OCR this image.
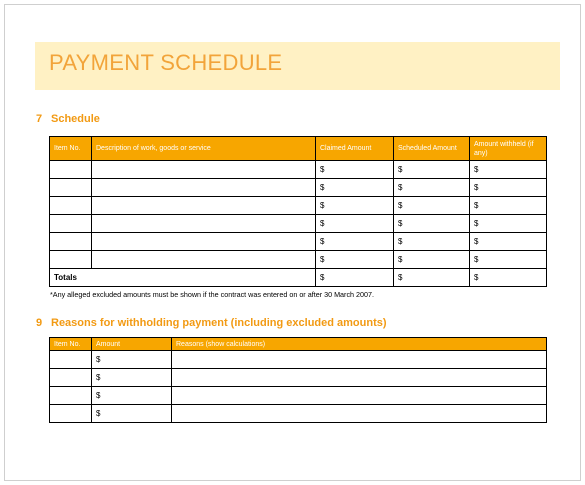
PAYMENT SCHEDULE
7 Schedule
Item No.	Description of work, goods or service	Claimed Amount	Scheduled Amount	Amount withheld (if any)
		$	$	$
		$	$	$
		$	$	$
		$	$	$
		$	$	$
		$	$	$
Totals		$	$	$
*Any alleged excluded amounts must be shown if the contract was entered on or after 30 March 2007.
9 Reasons for withholding payment (including excluded amounts)
Item No.	Amount	Reasons (show calculations)
	$	
	$	
	$	
	$	
